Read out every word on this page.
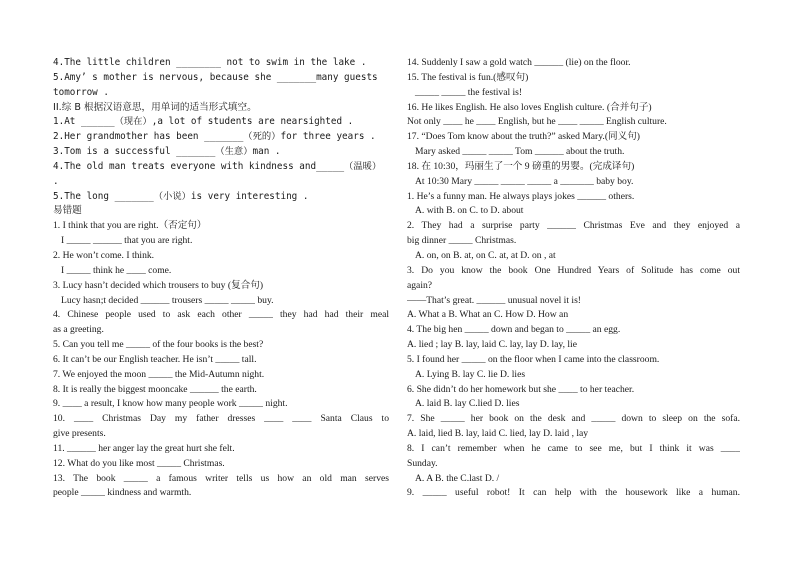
4.The little children ________ not to swim in the lake .
5.Amy’ s mother is nervous, because she _______many guests
tomorrow .
II.综 B 根据汉语意思，用单词的适当形式填空。
1.At ______（现在）,a lot of students are nearsighted .
2.Her grandmother has been _______（死的）for three years .
3.Tom is a successful _______（生意）man .
4.The old man treats everyone with kindness and_____（温暖）
.
5.The long _______（小说）is very interesting .
易错题
1. I think that you are right.（否定句）
I _____ ______ that you are right.
2. He won’t come. I think.
I _____ think he ____ come.
3. Lucy hasn’t decided which trousers to buy (复合句)
Lucy hasn;t decided ______ trousers _____ _____ buy.
4. Chinese people used to ask each other _____ they had had their meal
as a greeting.
5. Can you tell me _____ of the four books is the best?
6. It can’t be our English teacher. He isn’t _____ tall.
7. We enjoyed the moon _____ the Mid-Autumn night.
8. It is really the biggest mooncake ______ the earth.
9. ____ a result, I know how many people work _____ night.
10. ____ Christmas Day my father dresses ____ ____ Santa Claus to
give presents.
11. ______ her anger lay the great hurt she felt.
12. What do you like most _____ Christmas.
13. The book _____ a famous writer tells us how an old man serves
people _____ kindness and warmth.
14. Suddenly I saw a gold watch ______ (lie) on the floor.
15. The festival is fun.(感叹句)
_____ _____ the festival is!
16. He likes English. He also loves English culture. (合并句子)
Not only ____ he ____ English, but he ____ _____ English culture.
17. “Does Tom know about the truth?” asked Mary.(同义句)
Mary asked _____ _____ Tom ______ about the truth.
18. 在 10:30，玛丽生了一个 9 磅重的男婴。(完成译句)
At 10:30 Mary _____ _____ _____ a _______ baby boy.
1. He’s a funny man. He always plays jokes ______ others.
A. with B. on C. to D. about
2. They had a surprise party ______ Christmas Eve and they enjoyed a
big dinner _____ Christmas.
A. on, on B. at, on C. at, at D. on , at
3. Do you know the book One Hundred Years of Solitude has come out
again?
——That’s great. ______ unusual novel it is!
A. What a B. What an C. How D. How an
4. The big hen _____ down and began to _____ an egg.
A. lied ; lay B. lay, laid C. lay, lay D. lay, lie
5. I found her _____ on the floor when I came into the classroom.
A. Lying B. lay C. lie D. lies
6. She didn’t do her homework but she ____ to her teacher.
A. laid B. lay C.lied D. lies
7. She _____ her book on the desk and _____ down to sleep on the sofa.
A. laid, lied B. lay, laid C. lied, lay D. laid , lay
8. I can’t remember when he came to see me, but I think it was ____
Sunday.
A. A B. the C.last D. /
9. _____ useful robot! It can help with the housework like a human.
